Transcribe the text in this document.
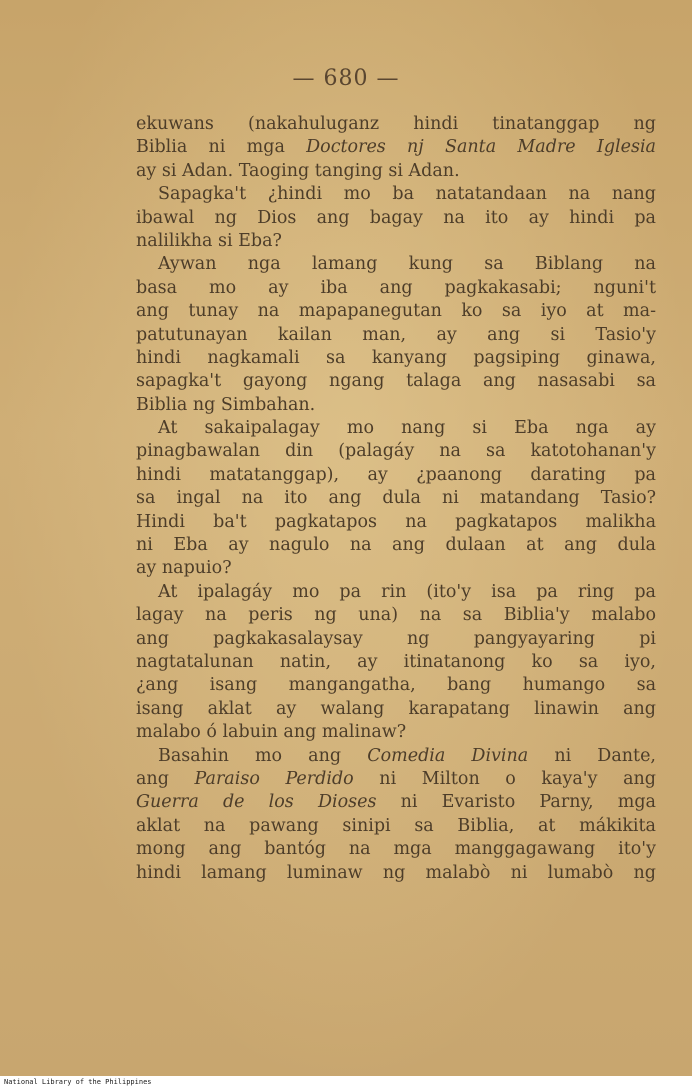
— 680 —
ekuwans (nakahuluganz hindi tinatanggap ng
Biblia ni mga Doctores nj Santa Madre Iglesia
ay si Adan. Taoging tanging si Adan.
Sapagka't ¿hindi mo ba natatandaan na nang
ibawal ng Dios ang bagay na ito ay hindi pa
nalilikha si Eba?
Aywan nga lamang kung sa Biblang na
basa mo ay iba ang pagkakasabi; nguni't
ang tunay na mapapanegutan ko sa iyo at ma-
patutunayan kailan man, ay ang si Tasio'y
hindi nagkamali sa kanyang pagsiping ginawa,
sapagka't gayong ngang talaga ang nasasabi sa
Biblia ng Simbahan.
At sakaipalagay mo nang si Eba nga ay
pinagbawalan din (palagáy na sa katotohanan'y
hindi matatanggap), ay ¿paanong darating pa
sa ingal na ito ang dula ni matandang Tasio?
Hindi ba't pagkatapos na pagkatapos malikha
ni Eba ay nagulo na ang dulaan at ang dula
ay napuio?
At ipalagáy mo pa rin (ito'y isa pa ring pa
lagay na peris ng una) na sa Biblia'y malabo
ang pagkakasalaysay ng pangyayaring pi
nagtatalunan natin, ay itinatanong ko sa iyo,
¿ang isang mangangatha, bang humango sa
isang aklat ay walang karapatang linawin ang
malabo ó labuin ang malinaw?
Basahin mo ang Comedia Divina ni Dante,
ang Paraiso Perdido ni Milton o kaya'y ang
Guerra de los Dioses ni Evaristo Parny, mga
aklat na pawang sinipi sa Biblia, at mákikita
mong ang bantóg na mga manggagawang ito'y
hindi lamang luminaw ng malabò ni lumabò ng
National Library of the Philippines
